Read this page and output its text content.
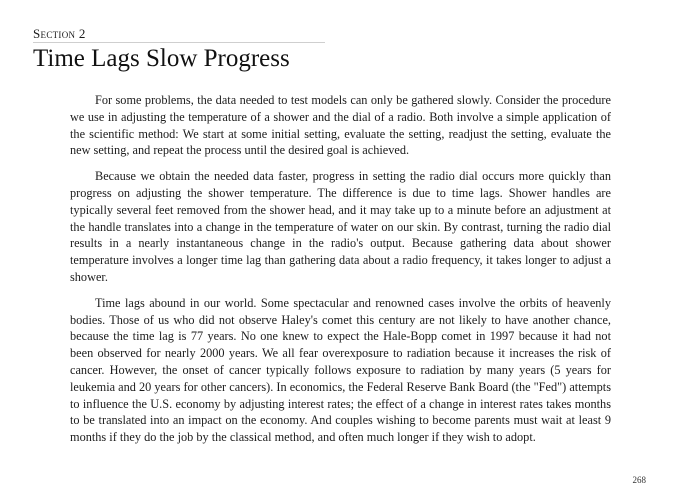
Section 2
Time Lags Slow Progress

For some problems, the data needed to test models can only be gathered slowly. Consider the procedure we use in adjusting the temperature of a shower and the dial of a radio. Both involve a simple application of the scientific method: We start at some initial setting, evaluate the setting, readjust the setting, evaluate the new setting, and repeat the process until the desired goal is achieved.

Because we obtain the needed data faster, progress in setting the radio dial occurs more quickly than progress on adjusting the shower temperature. The difference is due to time lags. Shower handles are typically several feet removed from the shower head, and it may take up to a minute before an adjustment at the handle translates into a change in the temperature of water on our skin. By contrast, turning the radio dial results in a nearly instantaneous change in the radio's output. Because gathering data about shower temperature involves a longer time lag than gathering data about a radio frequency, it takes longer to adjust a shower.

Time lags abound in our world. Some spectacular and renowned cases involve the orbits of heavenly bodies. Those of us who did not observe Haley's comet this century are not likely to have another chance, because the time lag is 77 years. No one knew to expect the Hale-Bopp comet in 1997 because it had not been observed for nearly 2000 years. We all fear overexposure to radiation because it increases the risk of cancer. However, the onset of cancer typically follows exposure to radiation by many years (5 years for leukemia and 20 years for other cancers). In economics, the Federal Reserve Bank Board (the "Fed") attempts to influence the U.S. economy by adjusting interest rates; the effect of a change in interest rates takes months to be translated into an impact on the economy. And couples wishing to become parents must wait at least 9 months if they do the job by the classical method, and often much longer if they wish to adopt.

268
